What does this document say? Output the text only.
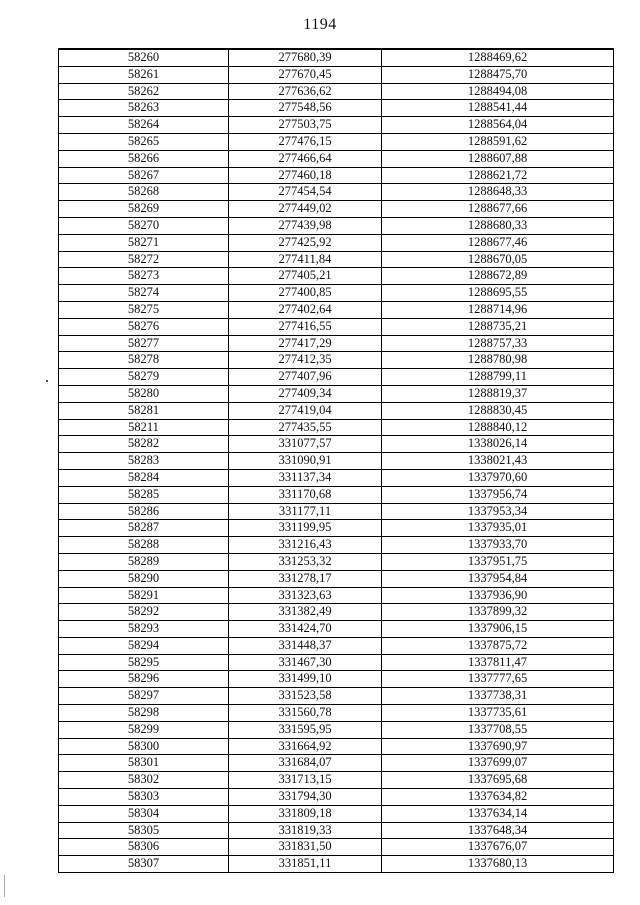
1194
58260	277680,39	1288469,62
58261	277670,45	1288475,70
58262	277636,62	1288494,08
58263	277548,56	1288541,44
58264	277503,75	1288564,04
58265	277476,15	1288591,62
58266	277466,64	1288607,88
58267	277460,18	1288621,72
58268	277454,54	1288648,33
58269	277449,02	1288677,66
58270	277439,98	1288680,33
58271	277425,92	1288677,46
58272	277411,84	1288670,05
58273	277405,21	1288672,89
58274	277400,85	1288695,55
58275	277402,64	1288714,96
58276	277416,55	1288735,21
58277	277417,29	1288757,33
58278	277412,35	1288780,98
58279	277407,96	1288799,11
58280	277409,34	1288819,37
58281	277419,04	1288830,45
58211	277435,55	1288840,12
58282	331077,57	1338026,14
58283	331090,91	1338021,43
58284	331137,34	1337970,60
58285	331170,68	1337956,74
58286	331177,11	1337953,34
58287	331199,95	1337935,01
58288	331216,43	1337933,70
58289	331253,32	1337951,75
58290	331278,17	1337954,84
58291	331323,63	1337936,90
58292	331382,49	1337899,32
58293	331424,70	1337906,15
58294	331448,37	1337875,72
58295	331467,30	1337811,47
58296	331499,10	1337777,65
58297	331523,58	1337738,31
58298	331560,78	1337735,61
58299	331595,95	1337708,55
58300	331664,92	1337690,97
58301	331684,07	1337699,07
58302	331713,15	1337695,68
58303	331794,30	1337634,82
58304	331809,18	1337634,14
58305	331819,33	1337648,34
58306	331831,50	1337676,07
58307	331851,11	1337680,13
